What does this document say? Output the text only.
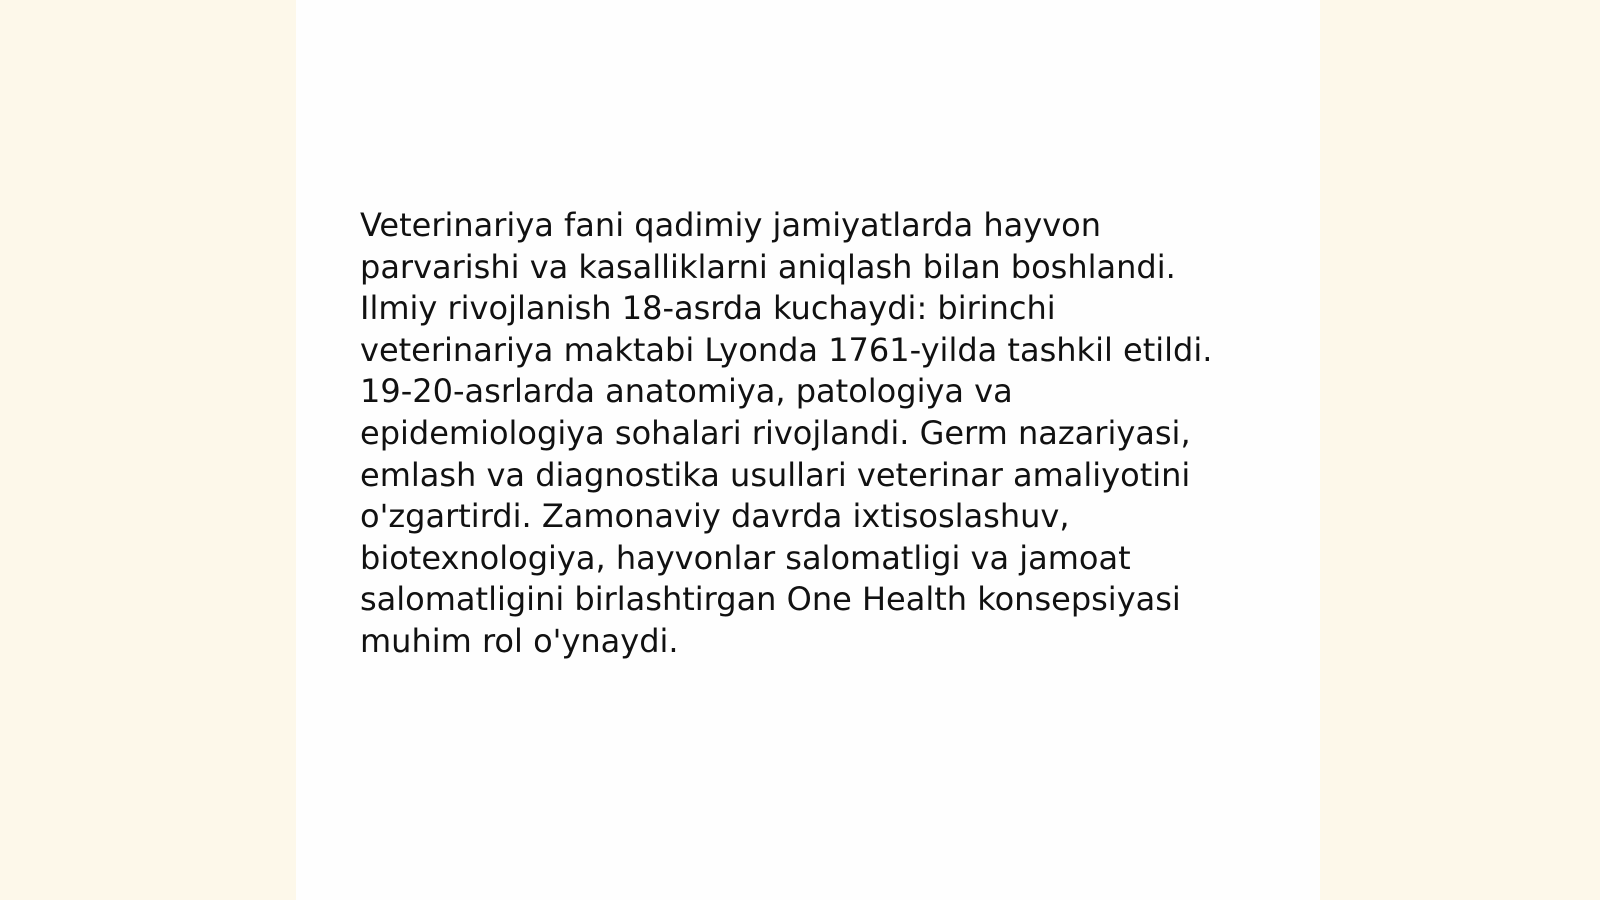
Veterinariya fani qadimiy jamiyatlarda hayvon
parvarishi va kasalliklarni aniqlash bilan boshlandi.
Ilmiy rivojlanish 18-asrda kuchaydi: birinchi
veterinariya maktabi Lyonda 1761-yilda tashkil etildi.
19-20-asrlarda anatomiya, patologiya va
epidemiologiya sohalari rivojlandi. Germ nazariyasi,
emlash va diagnostika usullari veterinar amaliyotini
o'zgartirdi. Zamonaviy davrda ixtisoslashuv,
biotexnologiya, hayvonlar salomatligi va jamoat
salomatligini birlashtirgan One Health konsepsiyasi
muhim rol o'ynaydi.
